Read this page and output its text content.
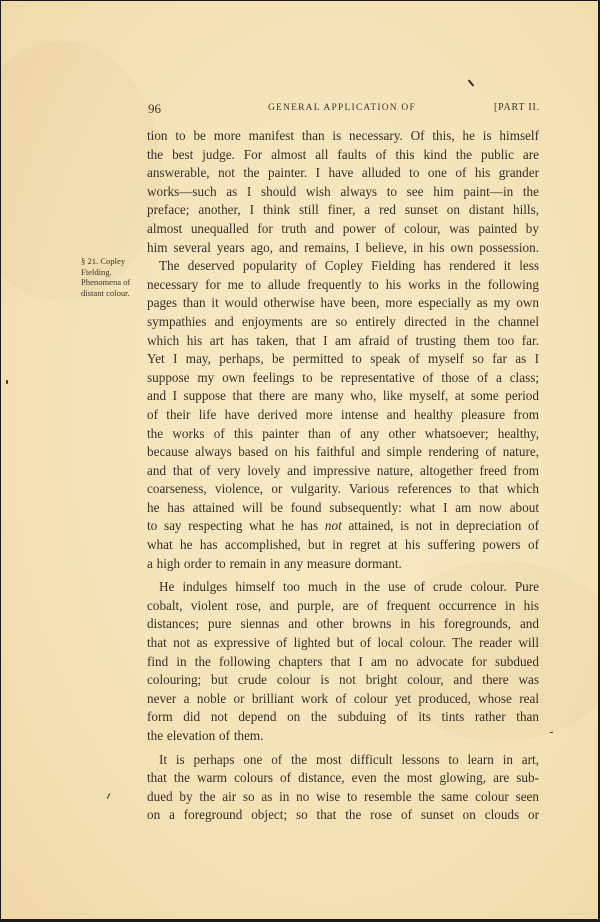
96	GENERAL APPLICATION OF	[PART II.
§ 21. Copley
Fielding.
Phenomena of
distant colour.
tion to be more manifest than is necessary. Of this, he is himself
the best judge. For almost all faults of this kind the public are
answerable, not the painter. I have alluded to one of his grander
works—such as I should wish always to see him paint—in the
preface; another, I think still finer, a red sunset on distant hills,
almost unequalled for truth and power of colour, was painted by
him several years ago, and remains, I believe, in his own possession.
The deserved popularity of Copley Fielding has rendered it less
necessary for me to allude frequently to his works in the following
pages than it would otherwise have been, more especially as my own
sympathies and enjoyments are so entirely directed in the channel
which his art has taken, that I am afraid of trusting them too far.
Yet I may, perhaps, be permitted to speak of myself so far as I
suppose my own feelings to be representative of those of a class;
and I suppose that there are many who, like myself, at some period
of their life have derived more intense and healthy pleasure from
the works of this painter than of any other whatsoever; healthy,
because always based on his faithful and simple rendering of nature,
and that of very lovely and impressive nature, altogether freed from
coarseness, violence, or vulgarity. Various references to that which
he has attained will be found subsequently: what I am now about
to say respecting what he has not attained, is not in depreciation of
what he has accomplished, but in regret at his suffering powers of
a high order to remain in any measure dormant.
He indulges himself too much in the use of crude colour. Pure
cobalt, violent rose, and purple, are of frequent occurrence in his
distances; pure siennas and other browns in his foregrounds, and
that not as expressive of lighted but of local colour. The reader will
find in the following chapters that I am no advocate for subdued
colouring; but crude colour is not bright colour, and there was
never a noble or brilliant work of colour yet produced, whose real
form did not depend on the subduing of its tints rather than
the elevation of them.
It is perhaps one of the most difficult lessons to learn in art,
that the warm colours of distance, even the most glowing, are sub-
dued by the air so as in no wise to resemble the same colour seen
on a foreground object; so that the rose of sunset on clouds or
